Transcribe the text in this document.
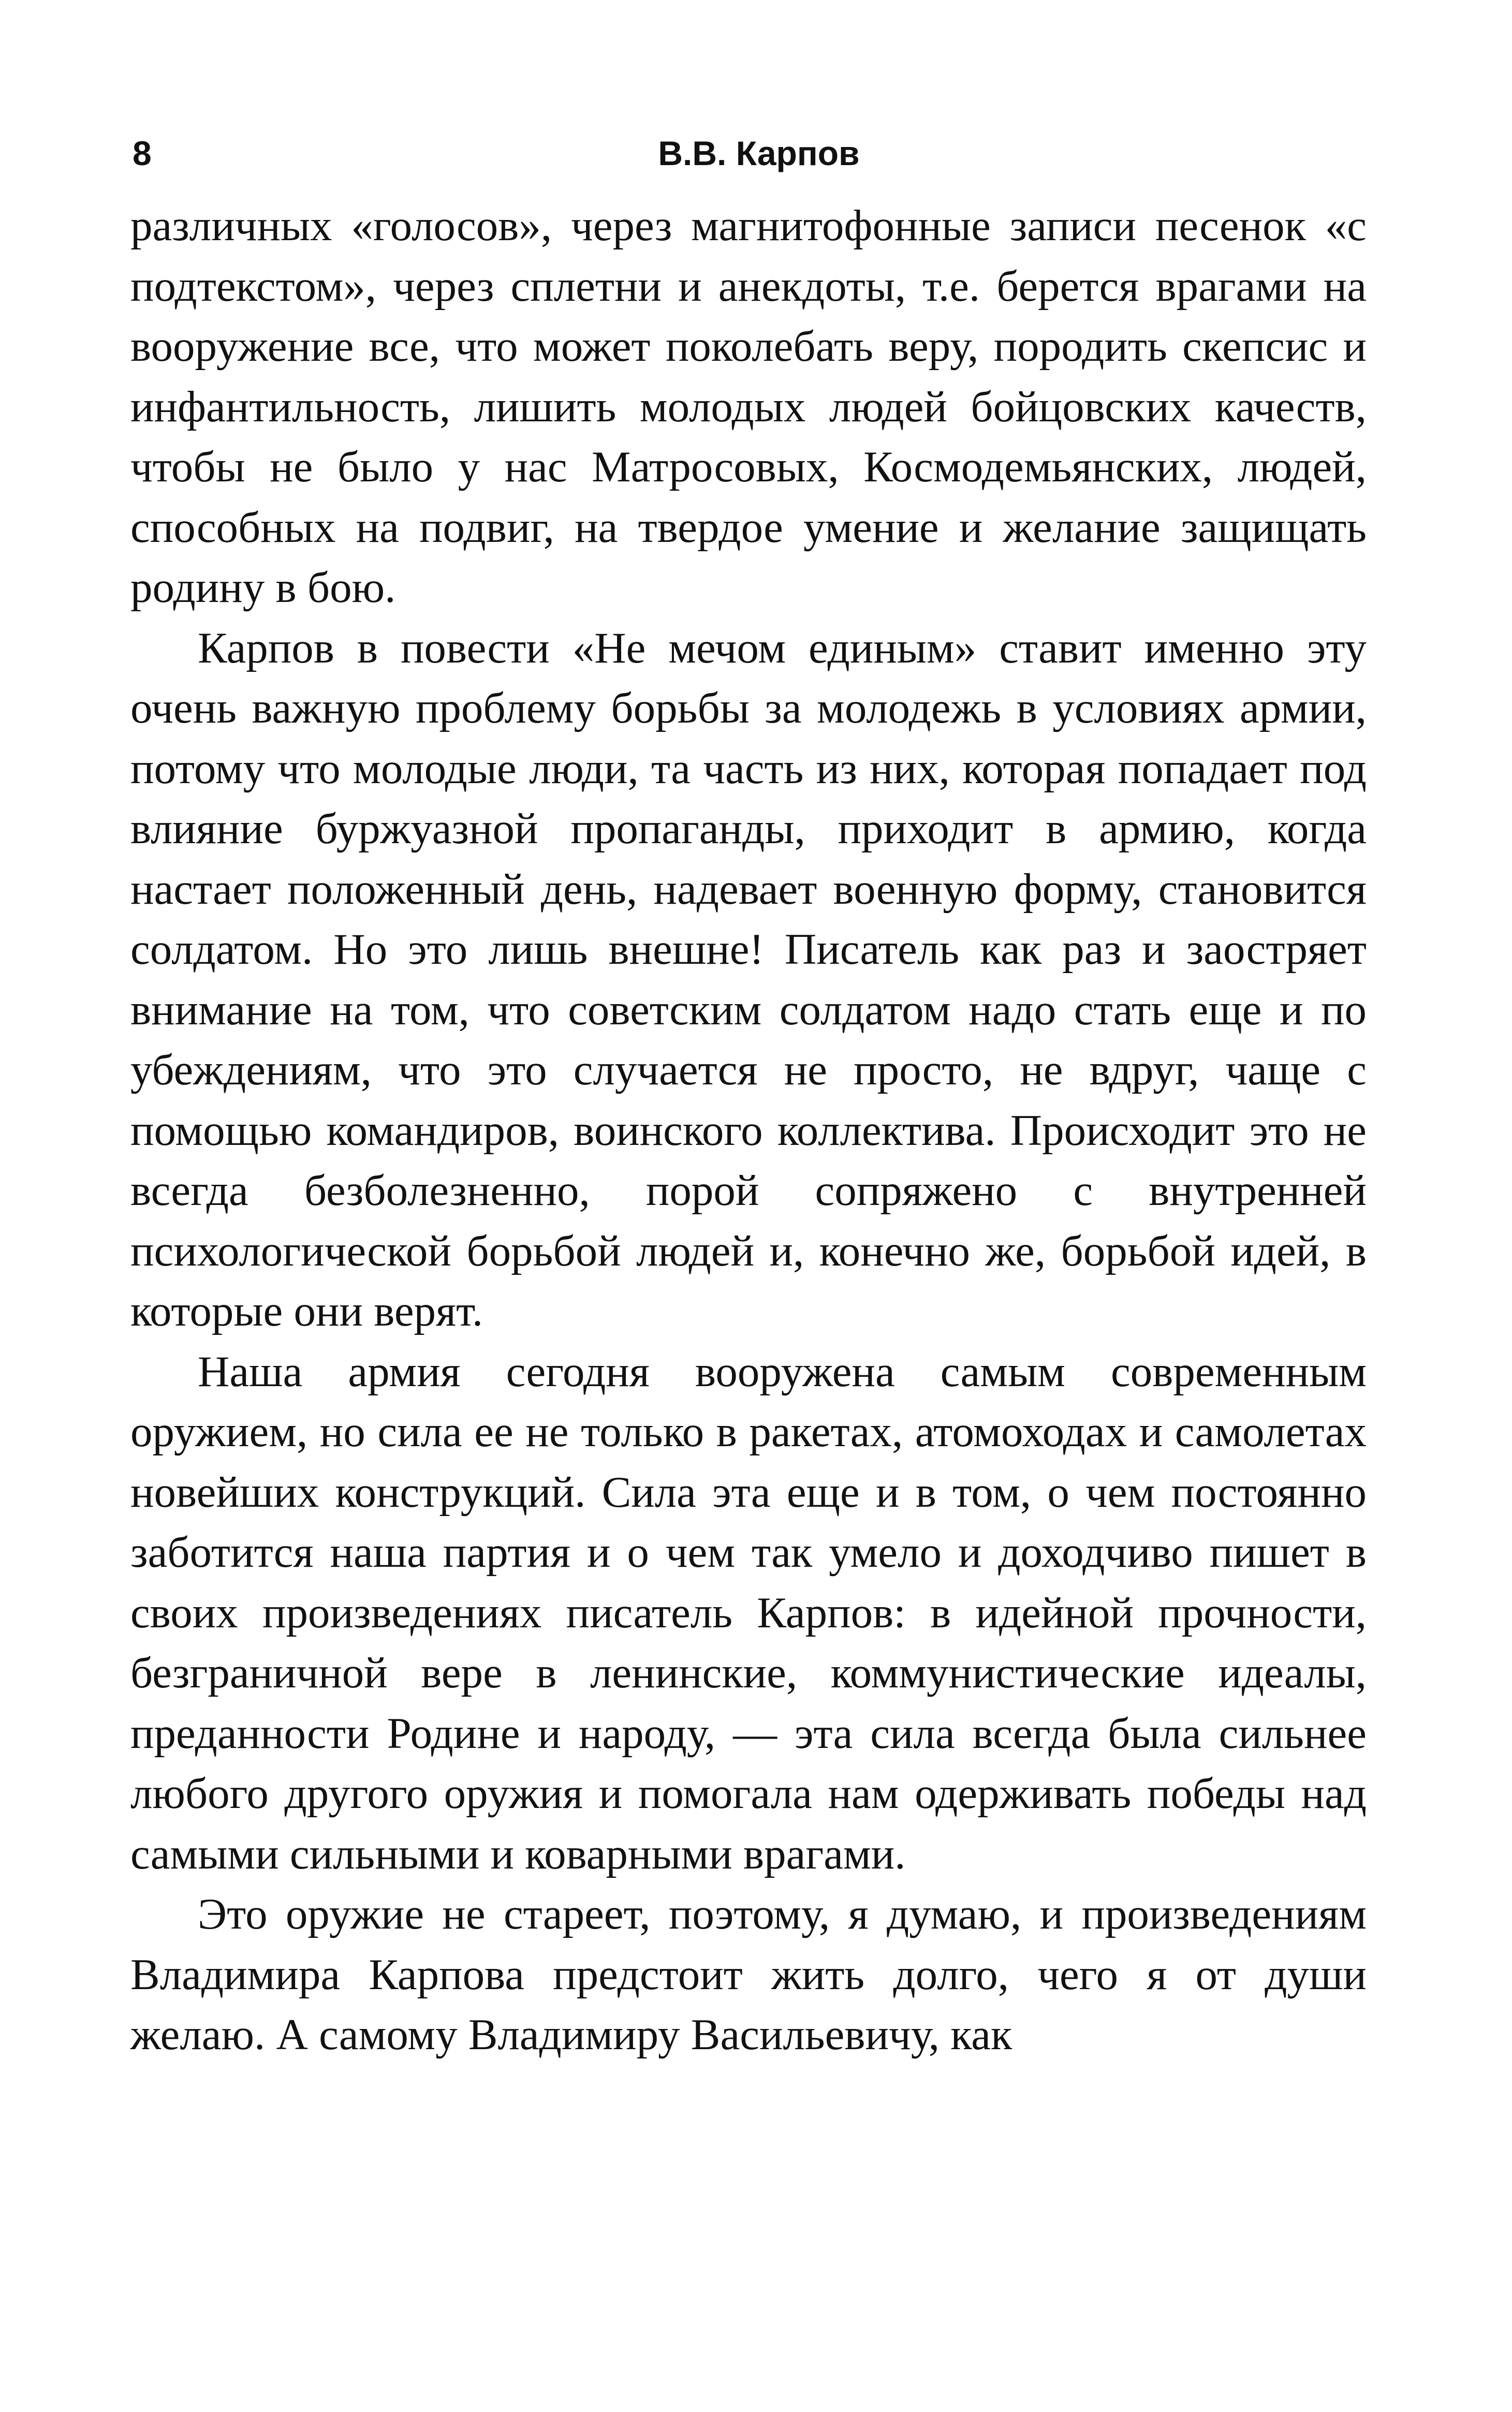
8	В.В. Карпов

различных «голосов», через магнитофонные записи песенок «с подтекстом», через сплетни и анекдоты, т.е. берется врагами на вооружение все, что может поколебать веру, породить скепсис и инфантильность, лишить молодых людей бойцовских качеств, чтобы не было у нас Матросовых, Космодемьянских, людей, способных на подвиг, на твердое умение и желание защищать родину в бою.

Карпов в повести «Не мечом единым» ставит именно эту очень важную проблему борьбы за молодежь в условиях армии, потому что молодые люди, та часть из них, которая попадает под влияние буржуазной пропаганды, приходит в армию, когда настает положенный день, надевает военную форму, становится солдатом. Но это лишь внешне! Писатель как раз и заостряет внимание на том, что советским солдатом надо стать еще и по убеждениям, что это случается не просто, не вдруг, чаще с помощью командиров, воинского коллектива. Происходит это не всегда безболезненно, порой сопряжено с внутренней психологической борьбой людей и, конечно же, борьбой идей, в которые они верят.

Наша армия сегодня вооружена самым современным оружием, но сила ее не только в ракетах, атомоходах и самолетах новейших конструкций. Сила эта еще и в том, о чем постоянно заботится наша партия и о чем так умело и доходчиво пишет в своих произведениях писатель Карпов: в идейной прочности, безграничной вере в ленинские, коммунистические идеалы, преданности Родине и народу, — эта сила всегда была сильнее любого другого оружия и помогала нам одерживать победы над самыми сильными и коварными врагами.

Это оружие не стареет, поэтому, я думаю, и произведениям Владимира Карпова предстоит жить долго, чего я от души желаю. А самому Владимиру Васильевичу, как
